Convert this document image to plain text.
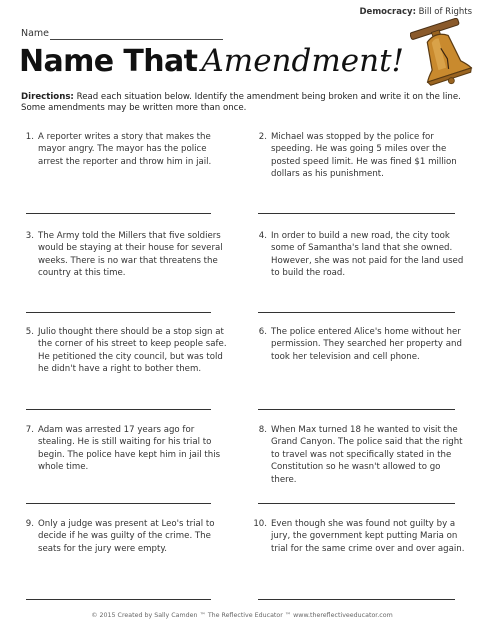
Democracy: Bill of Rights
Name
Name That Amendment!
Directions: Read each situation below. Identify the amendment being broken and write it on the line. Some amendments may be written more than once.
1. A reporter writes a story that makes the mayor angry. The mayor has the police arrest the reporter and throw him in jail.
2. Michael was stopped by the police for speeding. He was going 5 miles over the posted speed limit. He was fined $1 million dollars as his punishment.
3. The Army told the Millers that five soldiers would be staying at their house for several weeks. There is no war that threatens the country at this time.
4. In order to build a new road, the city took some of Samantha's land that she owned. However, she was not paid for the land used to build the road.
5. Julio thought there should be a stop sign at the corner of his street to keep people safe. He petitioned the city council, but was told he didn't have a right to bother them.
6. The police entered Alice's home without her permission. They searched her property and took her television and cell phone.
7. Adam was arrested 17 years ago for stealing. He is still waiting for his trial to begin. The police have kept him in jail this whole time.
8. When Max turned 18 he wanted to visit the Grand Canyon. The police said that the right to travel was not specifically stated in the Constitution so he wasn't allowed to go there.
9. Only a judge was present at Leo's trial to decide if he was guilty of the crime. The seats for the jury were empty.
10. Even though she was found not guilty by a jury, the government kept putting Maria on trial for the same crime over and over again.
© 2015 Created by Sally Camden ™ The Reflective Educator ™ www.thereflectiveeducator.com
